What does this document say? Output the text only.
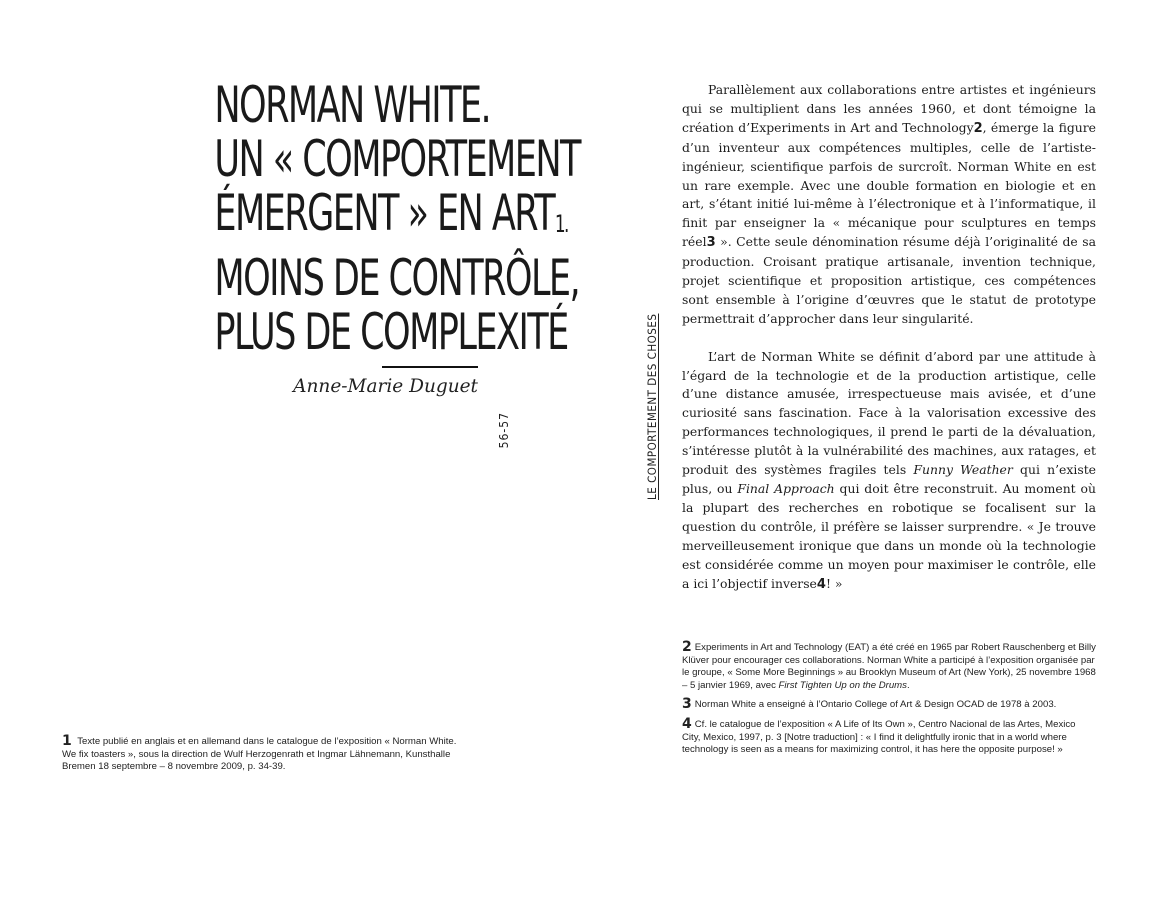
NORMAN WHITE.
UN « COMPORTEMENT
ÉMERGENT » EN ART1.
MOINS DE CONTRÔLE,
PLUS DE COMPLEXITÉ
Anne-Marie Duguet
56-57
1 Texte publié en anglais et en allemand dans le catalogue de l’exposition « Norman White. We fix toasters », sous la direction de Wulf Herzogenrath et Ingmar Lähnemann, Kunsthalle Bremen 18 septembre – 8 novembre 2009, p. 34-39.
LE COMPORTEMENT DES CHOSES

Parallèlement aux collaborations entre artistes et ingénieurs qui se multiplient dans les années 1960, et dont témoigne la création d’Experiments in Art and Technology2, émerge la figure d’un inventeur aux compétences multiples, celle de l’artiste-ingénieur, scientifique parfois de surcroît. Norman White en est un rare exemple. Avec une double formation en biologie et en art, s’étant initié lui-même à l’électronique et à l’informatique, il finit par enseigner la « mécanique pour sculptures en temps réel3 ». Cette seule dénomination résume déjà l’originalité de sa production. Croisant pratique artisanale, invention technique, projet scientifique et proposition artistique, ces compétences sont ensemble à l’origine d’œuvres que le statut de prototype permettrait d’approcher dans leur singularité.

L’art de Norman White se définit d’abord par une attitude à l’égard de la technologie et de la production artistique, celle d’une distance amusée, irrespectueuse mais avisée, et d’une curiosité sans fascination. Face à la valorisation excessive des performances technologiques, il prend le parti de la dévaluation, s’intéresse plutôt à la vulnérabilité des machines, aux ratages, et produit des systèmes fragiles tels Funny Weather qui n’existe plus, ou Final Approach qui doit être reconstruit. Au moment où la plupart des recherches en robotique se focalisent sur la question du contrôle, il préfère se laisser surprendre. « Je trouve merveilleusement ironique que dans un monde où la technologie est considérée comme un moyen pour maximiser le contrôle, elle a ici l’objectif inverse4! »

2 Experiments in Art and Technology (EAT) a été créé en 1965 par Robert Rauschenberg et Billy Klüver pour encourager ces collaborations. Norman White a participé à l’exposition organisée par le groupe, « Some More Beginnings » au Brooklyn Museum of Art (New York), 25 novembre 1968 – 5 janvier 1969, avec First Tighten Up on the Drums.

3 Norman White a enseigné à l’Ontario College of Art & Design OCAD de 1978 à 2003.

4 Cf. le catalogue de l’exposition « A Life of Its Own », Centro Nacional de las Artes, Mexico City, Mexico, 1997, p. 3 [Notre traduction] : « I find it delightfully ironic that in a world where technology is seen as a means for maximizing control, it has here the opposite purpose! »
